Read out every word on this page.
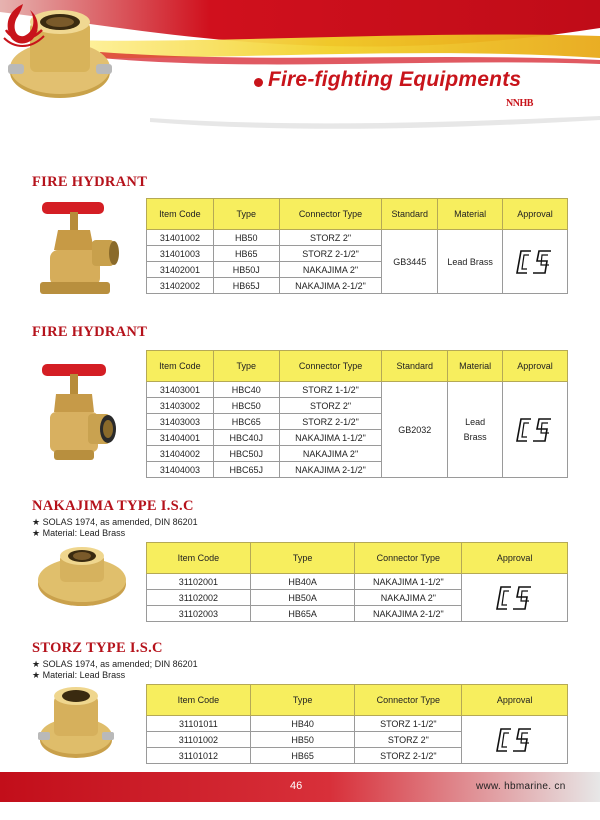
Fire-fighting Equipments
NNHB
FIRE HYDRANT
Item Code	Type	Connector Type	Standard	Material	Approval
31401002	HB50	STORZ 2"	GB3445	Lead Brass	

31401003	HB65	STORZ 2-1/2"			
31402001	HB50J	NAKAJIMA 2"			
31402002	HB65J	NAKAJIMA 2-1/2"			
FIRE HYDRANT
Item Code	Type	Connector Type	Standard	Material	Approval
31403001	HBC40	STORZ 1-1/2"	GB2032	Lead
Brass

31403002	HBC50	STORZ 2"			
31403003	HBC65	STORZ 2-1/2"			
31404001	HBC40J	NAKAJIMA 1-1/2"			
31404002	HBC50J	NAKAJIMA 2"			
31404003	HBC65J	NAKAJIMA 2-1/2"			
NAKAJIMA TYPE I.S.C
★ SOLAS 1974, as amended, DIN 86201
★ Material: Lead Brass
Item Code	Type	Connector Type	Approval
31102001	HB40A	NAKAJIMA 1-1/2"	

31102002	HB50A	NAKAJIMA 2"	
31102003	HB65A	NAKAJIMA 2-1/2"	
STORZ TYPE I.S.C
★ SOLAS 1974, as amended; DIN 86201
★ Material: Lead Brass
Item Code	Type	Connector Type	Approval
31101011	HB40	STORZ 1-1/2"	

31101002	HB50	STORZ 2"	
31101012	HB65	STORZ 2-1/2"	
46	www. hbmarine. cn
